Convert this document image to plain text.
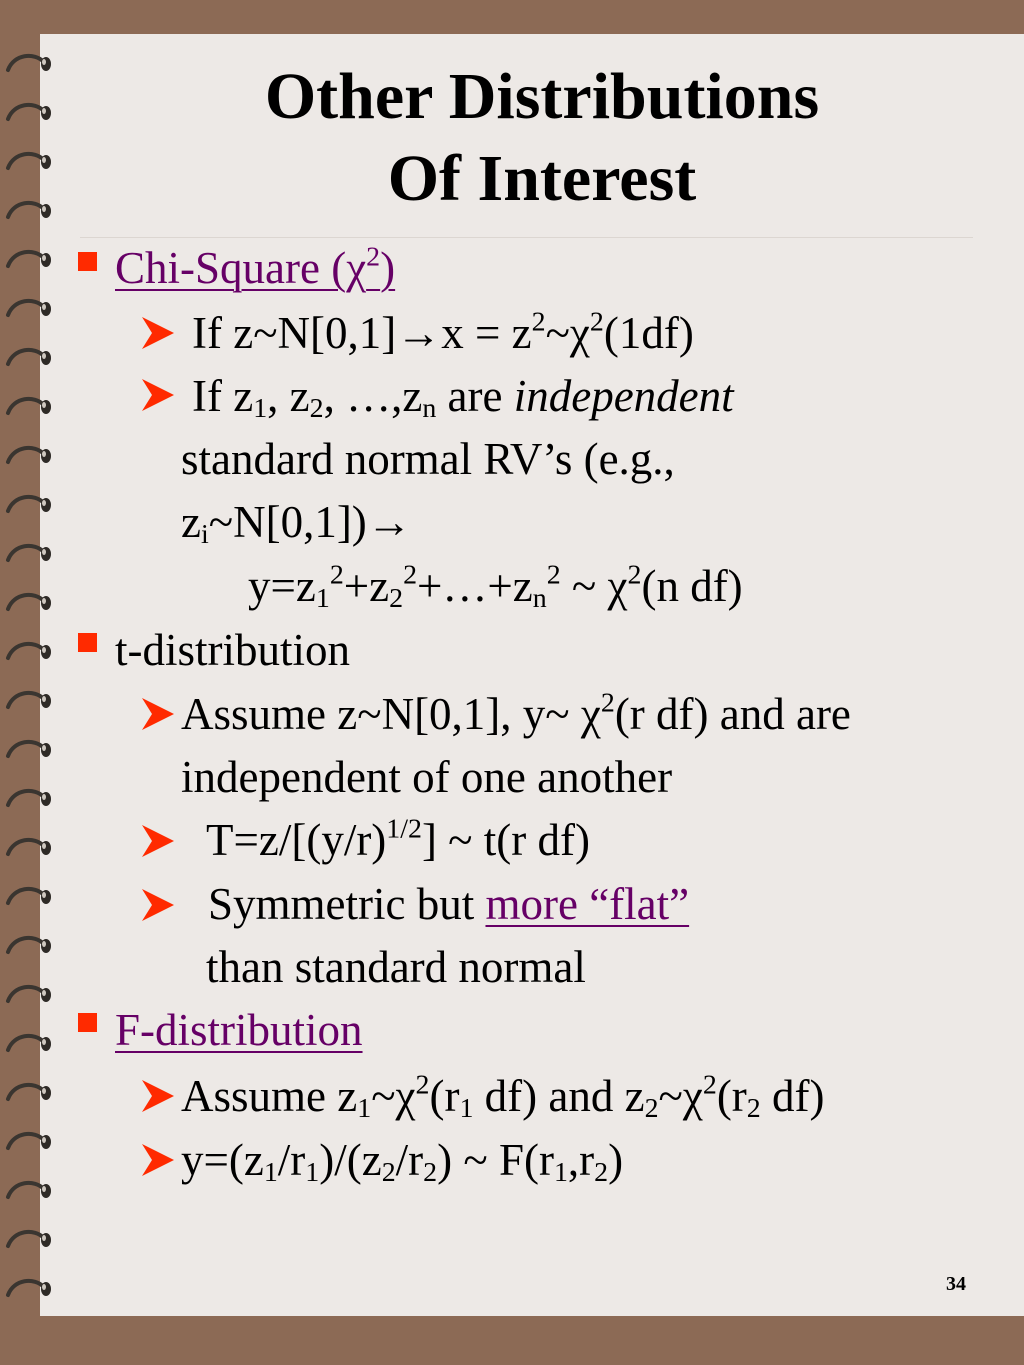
Other Distributions
Of Interest
Chi-Square $(\chi^2)$
If z~N[0,1]→x = $z^2\sim\chi^2(1df)$
If $z_1$, $z_2$, $\dots,z_n$ are independent
standard normal RV’s (e.g.,
$z_i\sim N[0,1])\to$
$y=z_1^2+z_2^2+\dots+z_n^2$ ~ $\chi^2(n$ df)
t-distribution
Assume z~N[0,1], y~ $\chi^2(r$ df) and are
independent of one another
$T=z/[(y/r)^{1/2}]$ ~ t(r df)
Symmetric but more “flat”
than standard normal
F-distribution
Assume $z_1\sim\chi^2(r_1$ df) and $z_2\sim\chi^2(r_2$ df)
$y=(z_1/r_1)/(z_2/r_2)$ ~ $F(r_1,r_2)$
34
